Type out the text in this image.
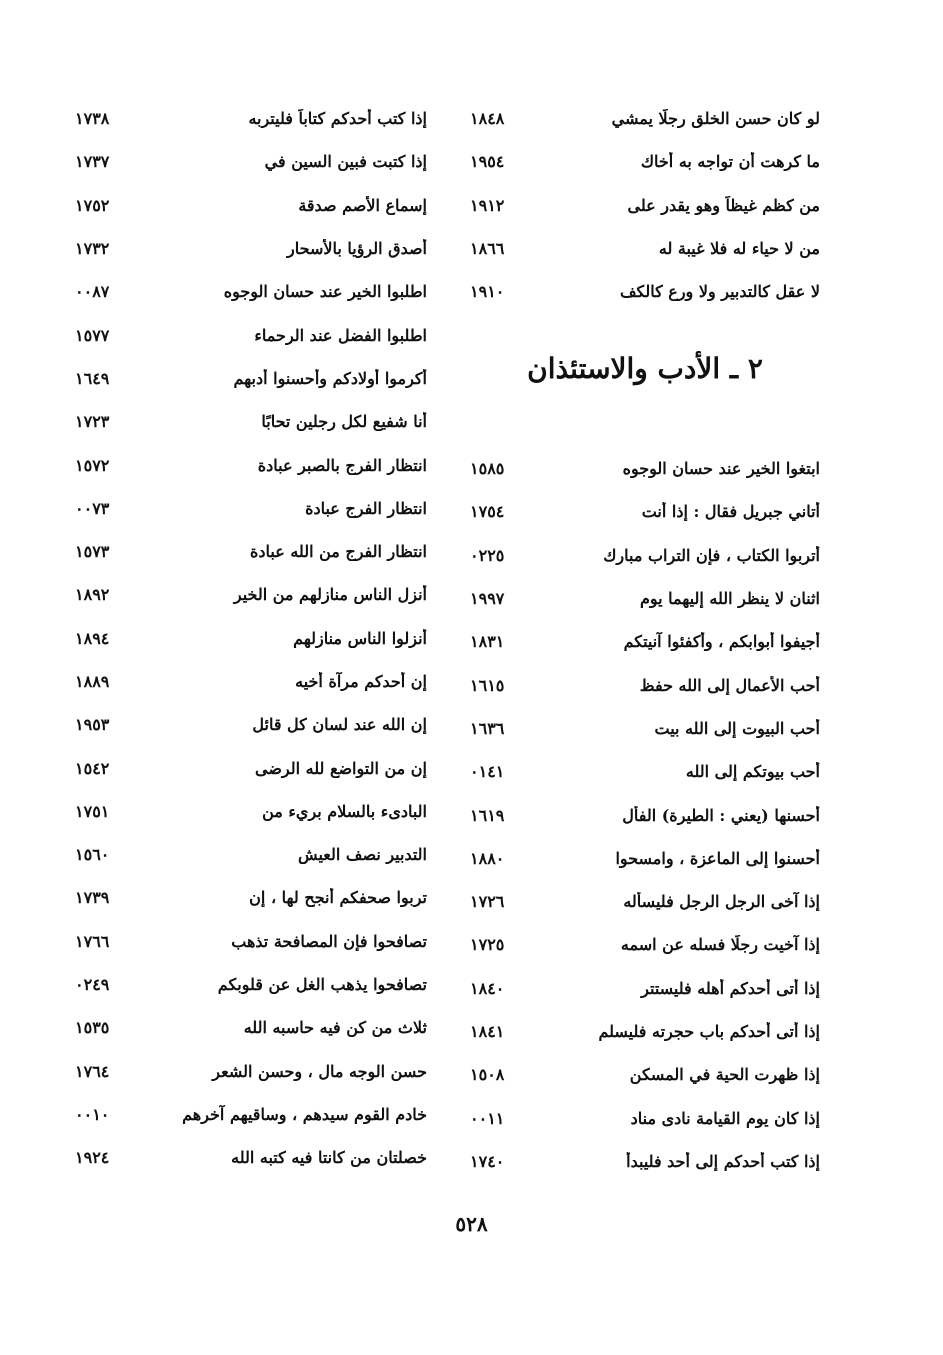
لو كان حسن الخلق رجلًا يمشي
١٨٤٨
ما كرهت أن تواجه به أخاك
١٩٥٤
من كظم غيظاً وهو يقدر على
١٩١٢
من لا حياء له فلا غيبة له
١٨٦٦
لا عقل كالتدبير ولا ورع كالكف
١٩١٠
٢ ـ الأدب والاستئذان
ابتغوا الخير عند حسان الوجوه
١٥٨٥
أتاني جبريل فقال : إذا أنت
١٧٥٤
أتربوا الكتاب ، فإن التراب مبارك
٠٢٢٥
اثنان لا ينظر الله إليهما يوم
١٩٩٧
أجيفوا أبوابكم ، وأكفئوا آنيتكم
١٨٣١
أحب الأعمال إلى الله حفظ
١٦١٥
أحب البيوت إلى الله بيت
١٦٣٦
أحب بيوتكم إلى الله
٠١٤١
أحسنها (يعني : الطيرة) الفأل
١٦١٩
أحسنوا إلى الماعزة ، وامسحوا
١٨٨٠
إذا آخى الرجل الرجل فليسأله
١٧٢٦
إذا آخيت رجلًا فسله عن اسمه
١٧٢٥
إذا أتى أحدكم أهله فليستتر
١٨٤٠
إذا أتى أحدكم باب حجرته فليسلم
١٨٤١
إذا ظهرت الحية في المسكن
١٥٠٨
إذا كان يوم القيامة نادى مناد
٠٠١١
إذا كتب أحدكم إلى أحد فليبدأ
١٧٤٠
إذا كتب أحدكم كتاباً فليتربه
١٧٣٨
إذا كتبت فبين السين في
١٧٣٧
إسماع الأصم صدقة
١٧٥٢
أصدق الرؤيا بالأسحار
١٧٣٢
اطلبوا الخير عند حسان الوجوه
٠٠٨٧
اطلبوا الفضل عند الرحماء
١٥٧٧
أكرموا أولادكم وأحسنوا أدبهم
١٦٤٩
أنا شفيع لكل رجلين تحابًا
١٧٢٣
انتظار الفرج بالصبر عبادة
١٥٧٢
انتظار الفرج عبادة
٠٠٧٣
انتظار الفرج من الله عبادة
١٥٧٣
أنزل الناس منازلهم من الخير
١٨٩٢
أنزلوا الناس منازلهم
١٨٩٤
إن أحدكم مرآة أخيه
١٨٨٩
إن الله عند لسان كل قائل
١٩٥٣
إن من التواضع لله الرضى
١٥٤٢
البادىء بالسلام بريء من
١٧٥١
التدبير نصف العيش
١٥٦٠
تربوا صحفكم أنجح لها ، إن
١٧٣٩
تصافحوا فإن المصافحة تذهب
١٧٦٦
تصافحوا يذهب الغل عن قلوبكم
٠٢٤٩
ثلاث من كن فيه حاسبه الله
١٥٣٥
حسن الوجه مال ، وحسن الشعر
١٧٦٤
خادم القوم سيدهم ، وساقيهم آخرهم
٠٠١٠
خصلتان من كانتا فيه كتبه الله
١٩٢٤
٥٢٨
